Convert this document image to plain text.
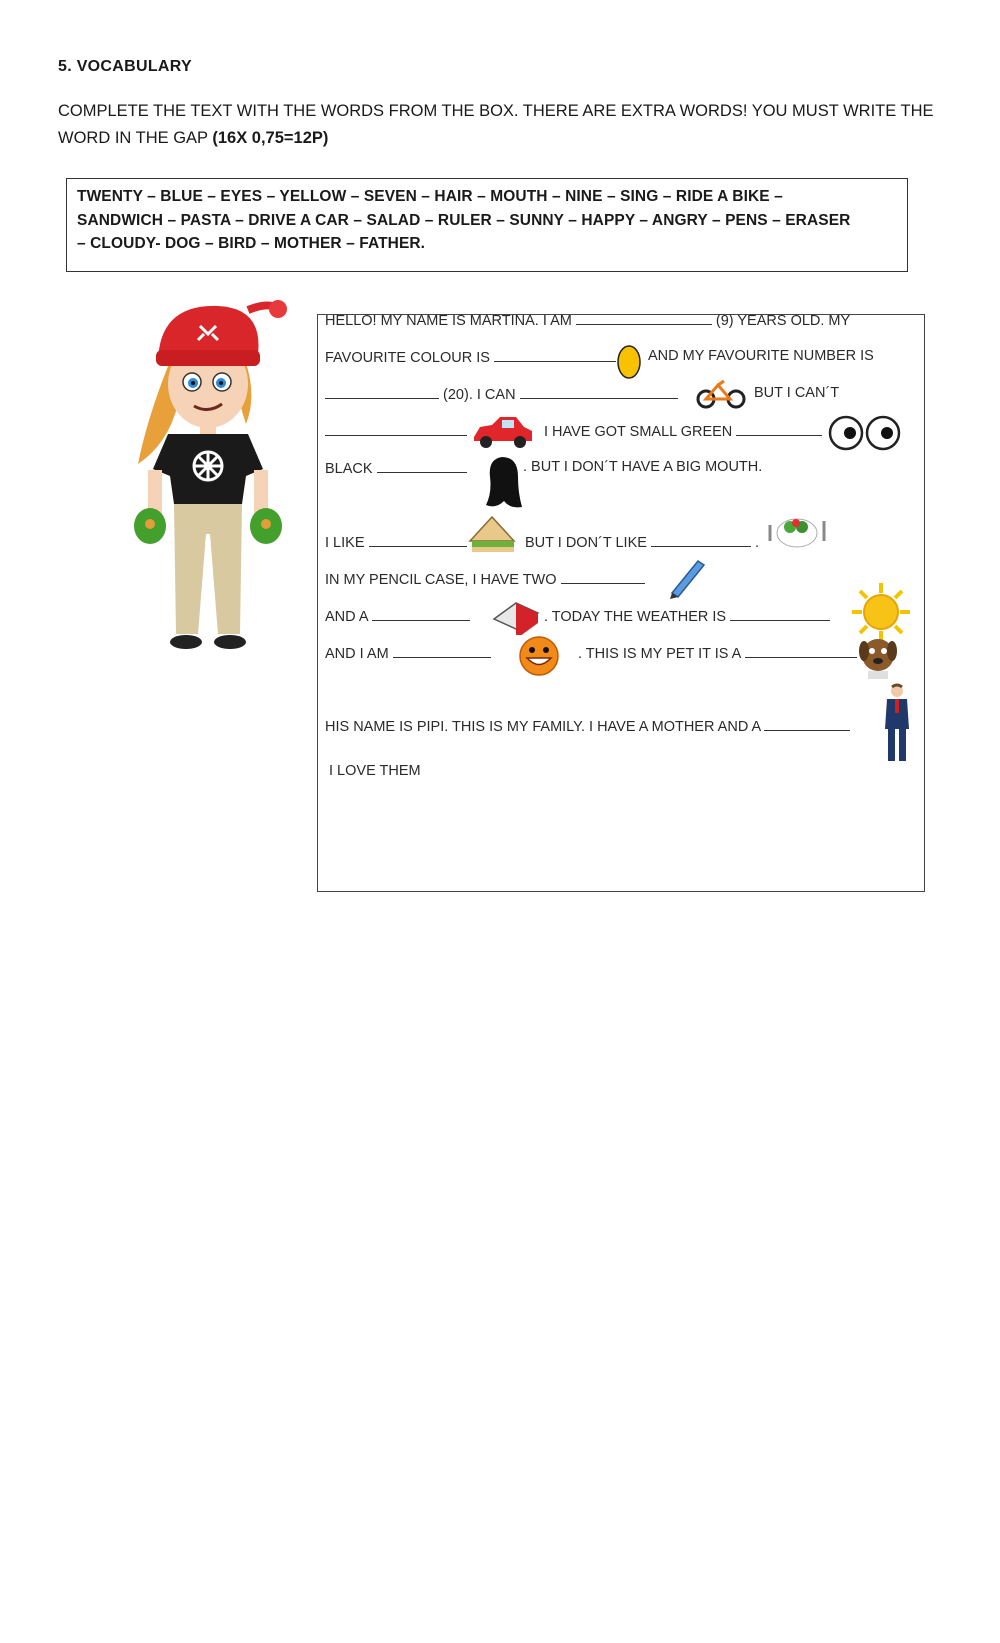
5. VOCABULARY
COMPLETE THE TEXT WITH THE WORDS FROM THE BOX. THERE ARE EXTRA WORDS! YOU MUST WRITE THE WORD IN THE GAP (16X 0,75=12P)
TWENTY – BLUE – EYES – YELLOW – SEVEN – HAIR – MOUTH – NINE – SING – RIDE A BIKE –
SANDWICH – PASTA – DRIVE A CAR – SALAD – RULER – SUNNY – HAPPY – ANGRY – PENS – ERASER
– CLOUDY- DOG – BIRD – MOTHER – FATHER.
HELLO! MY NAME IS MARTINA. I AM	(9) YEARS OLD. MY
FAVOURITE COLOUR IS	AND MY FAVOURITE NUMBER IS
(20). I CAN	BUT I CAN´T
I HAVE GOT SMALL GREEN
BLACK	. BUT I DON´T HAVE A BIG MOUTH.
I LIKE	BUT I DON´T LIKE	.
IN MY PENCIL CASE, I HAVE TWO
AND A	. TODAY THE WEATHER IS
AND I AM	. THIS IS MY PET IT IS A
HIS NAME IS PIPI. THIS IS MY FAMILY. I HAVE A MOTHER AND A
I LOVE THEM
